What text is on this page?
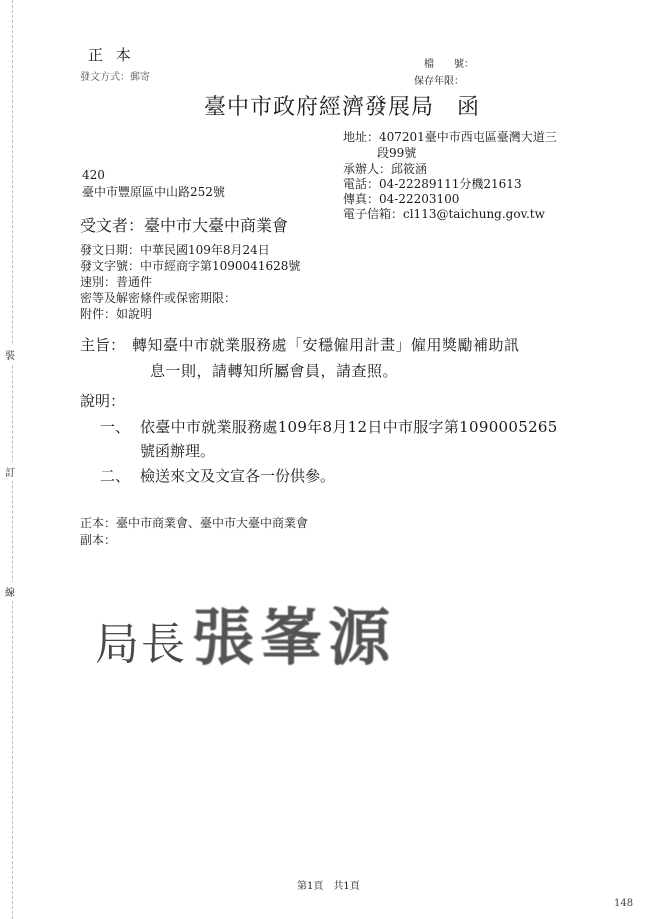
裝
訂
線
正 本
發文方式：郵寄
檔　　號：
保存年限：
臺中市政府經濟發展局　函
地址：407201臺中市西屯區臺灣大道三
段99號
承辦人：邱筱涵
電話：04-22289111分機21613
傳真：04-22203100
電子信箱：cl113@taichung.gov.tw
420
臺中市豐原區中山路252號
受文者：臺中市大臺中商業會
發文日期：中華民國109年8月24日
發文字號：中市經商字第1090041628號
速別：普通件
密等及解密條件或保密期限：
附件：如說明
主旨： 轉知臺中市就業服務處「安穩僱用計畫」僱用獎勵補助訊
息一則，請轉知所屬會員，請查照。
說明：
一、 依臺中市就業服務處109年8月12日中市服字第1090005265
號函辦理。
二、 檢送來文及文宣各一份供參。
正本：臺中市商業會、臺中市大臺中商業會
副本：
局長 張峯源
第1頁　共1頁
148
